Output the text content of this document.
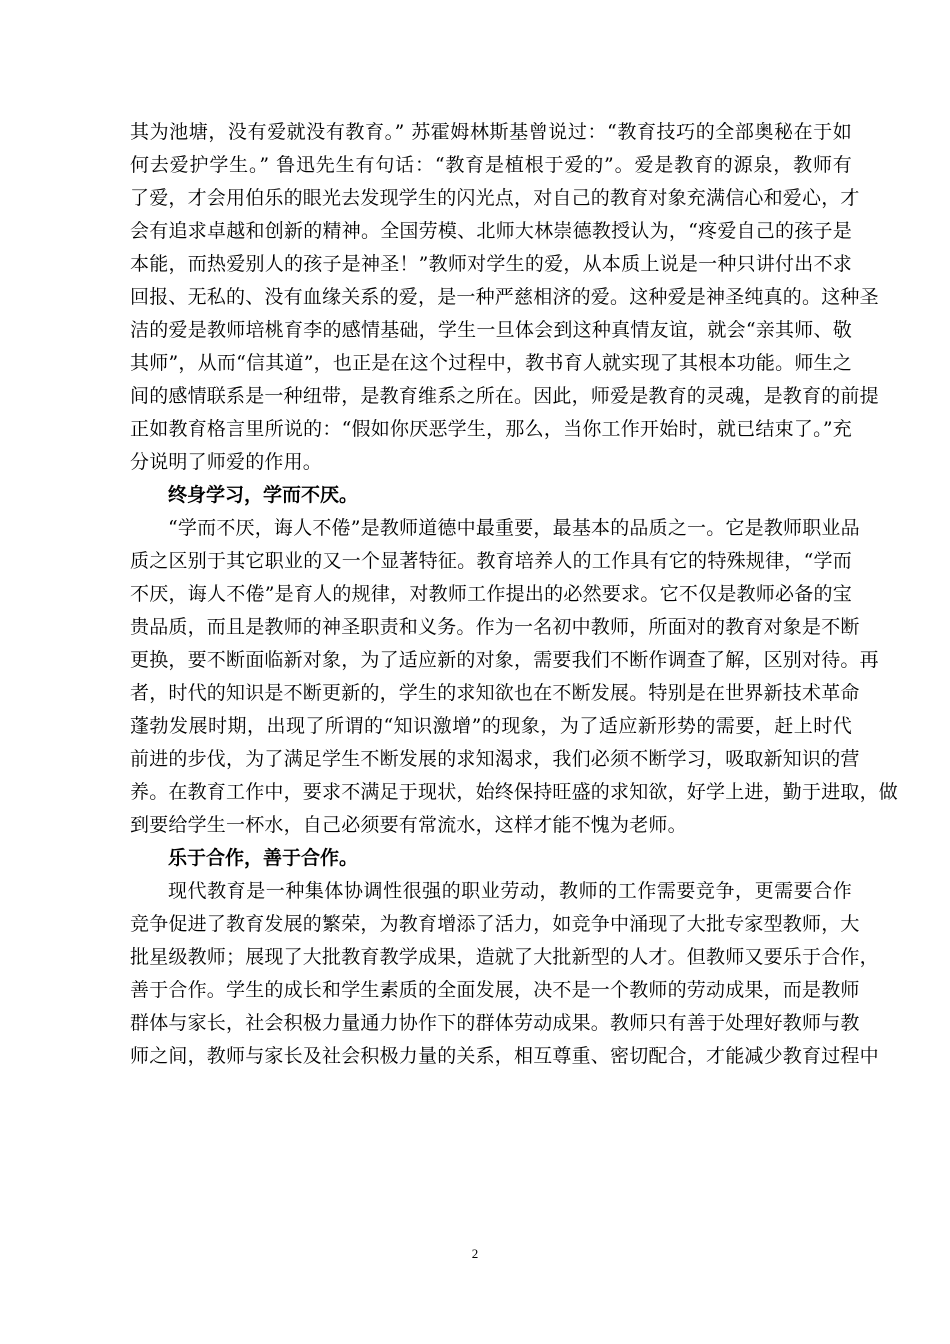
其为池塘，没有爱就没有教育。” 苏霍姆林斯基曾说过：“教育技巧的全部奥秘在于如
何去爱护学生。” 鲁迅先生有句话：“教育是植根于爱的”。爱是教育的源泉，教师有
了爱，才会用伯乐的眼光去发现学生的闪光点，对自己的教育对象充满信心和爱心，才
会有追求卓越和创新的精神。全国劳模、北师大林崇德教授认为，“疼爱自己的孩子是
本能，而热爱别人的孩子是神圣！”教师对学生的爱，从本质上说是一种只讲付出不求
回报、无私的、没有血缘关系的爱，是一种严慈相济的爱。这种爱是神圣纯真的。这种圣
洁的爱是教师培桃育李的感情基础，学生一旦体会到这种真情友谊，就会“亲其师、敬
其师”，从而“信其道”，也正是在这个过程中，教书育人就实现了其根本功能。师生之
间的感情联系是一种纽带，是教育维系之所在。因此，师爱是教育的灵魂，是教育的前提
正如教育格言里所说的：“假如你厌恶学生，那么，当你工作开始时，就已结束了。”充
分说明了师爱的作用。
终身学习，学而不厌。
“学而不厌，诲人不倦”是教师道德中最重要，最基本的品质之一。它是教师职业品
质之区别于其它职业的又一个显著特征。教育培养人的工作具有它的特殊规律，“学而
不厌，诲人不倦”是育人的规律，对教师工作提出的必然要求。它不仅是教师必备的宝
贵品质，而且是教师的神圣职责和义务。作为一名初中教师，所面对的教育对象是不断
更换，要不断面临新对象，为了适应新的对象，需要我们不断作调查了解，区别对待。再
者，时代的知识是不断更新的，学生的求知欲也在不断发展。特别是在世界新技术革命
蓬勃发展时期，出现了所谓的“知识激增”的现象，为了适应新形势的需要，赶上时代
前进的步伐，为了满足学生不断发展的求知渴求，我们必须不断学习，吸取新知识的营
养。在教育工作中，要求不满足于现状，始终保持旺盛的求知欲，好学上进，勤于进取，做
到要给学生一杯水，自己必须要有常流水，这样才能不愧为老师。
乐于合作，善于合作。
现代教育是一种集体协调性很强的职业劳动，教师的工作需要竞争，更需要合作
竞争促进了教育发展的繁荣，为教育增添了活力，如竞争中涌现了大批专家型教师，大
批星级教师；展现了大批教育教学成果，造就了大批新型的人才。但教师又要乐于合作，
善于合作。学生的成长和学生素质的全面发展，决不是一个教师的劳动成果，而是教师
群体与家长，社会积极力量通力协作下的群体劳动成果。教师只有善于处理好教师与教
师之间，教师与家长及社会积极力量的关系，相互尊重、密切配合，才能减少教育过程中
2
